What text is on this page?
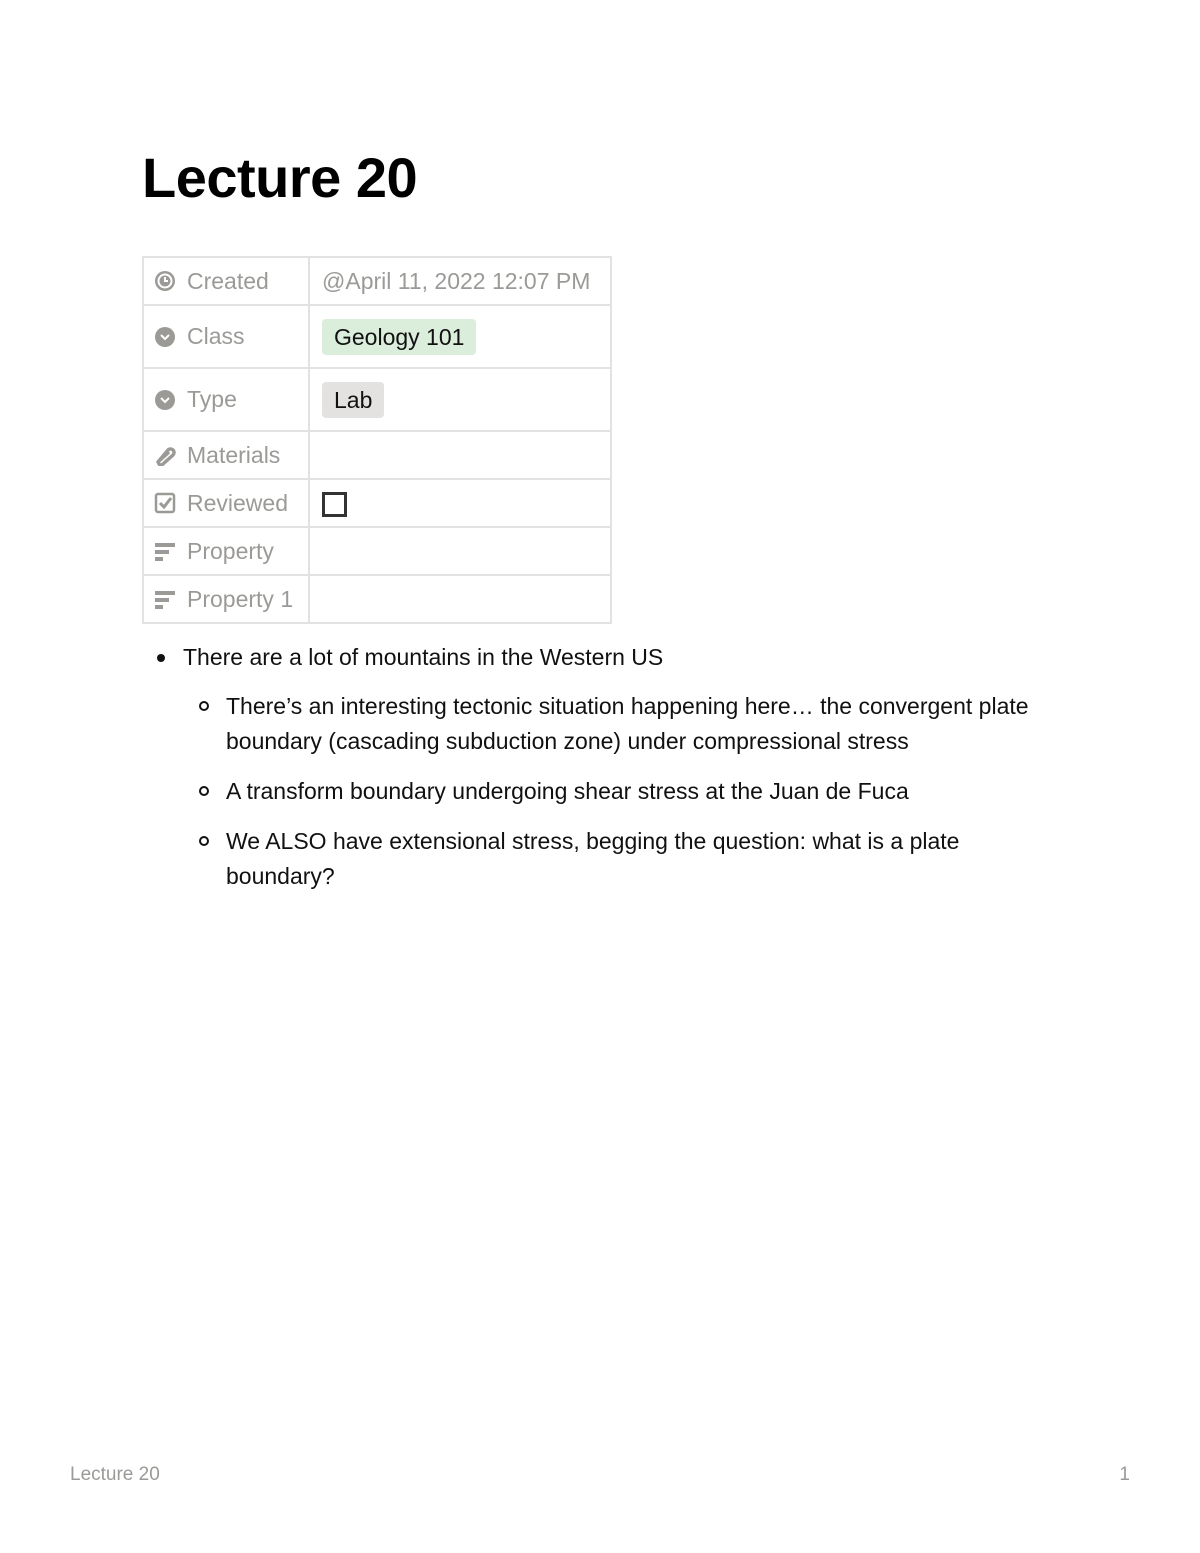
Lecture 20
Created	@April 11, 2022 12:07 PM

Class	Geology 101

Type	Lab

Materials	

Reviewed	

Property	

Property 1	

There are a lot of mountains in the Western US
There’s an interesting tectonic situation happening here… the convergent plate boundary (cascading subduction zone) under compressional stress
A transform boundary undergoing shear stress at the Juan de Fuca
We ALSO have extensional stress, begging the question: what is a plate boundary?
Lecture 20	1
